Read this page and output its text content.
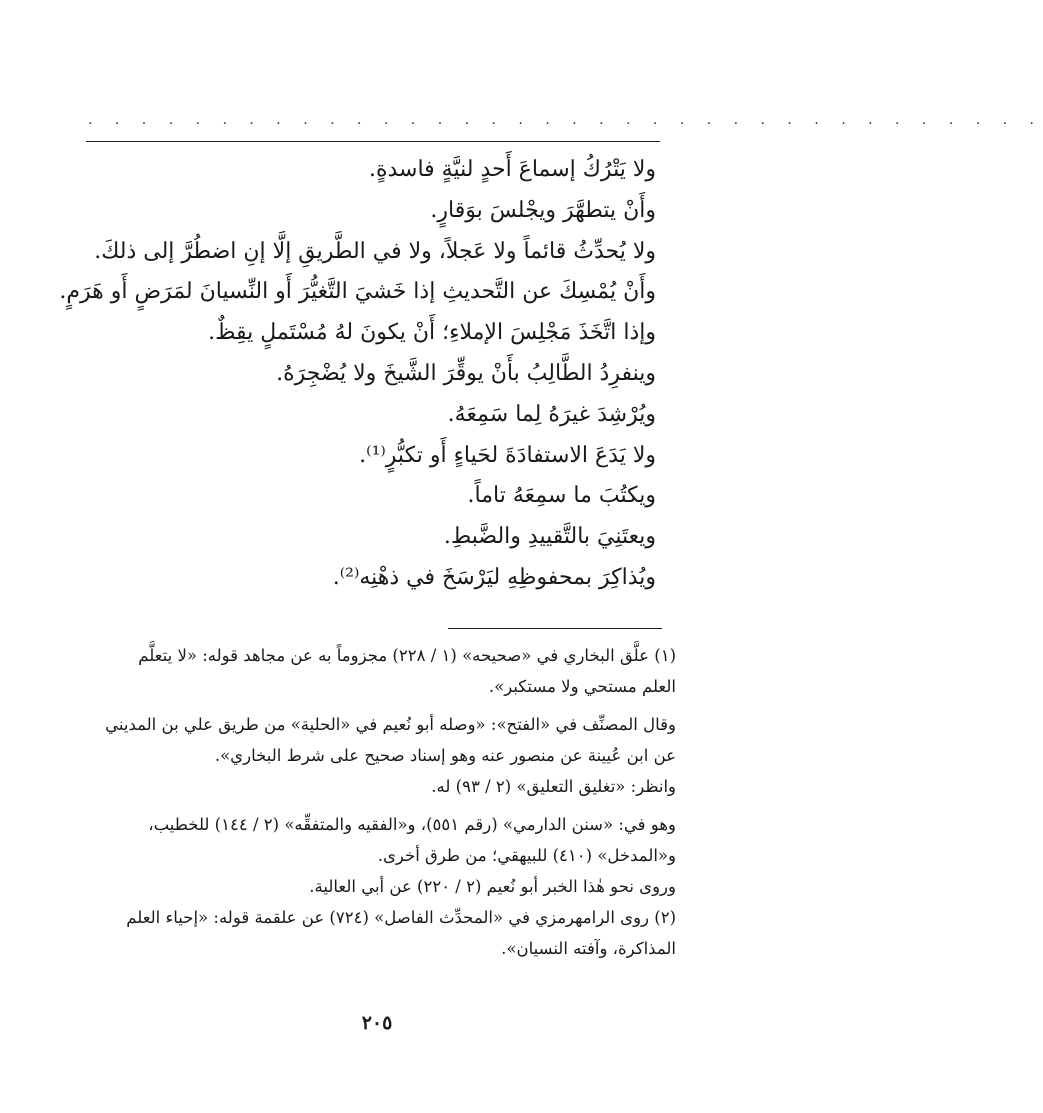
. . . . . . . . . . . . . . . . . . . . . . . . . . . . . . . . . . . .
ولا يَتْرُكُ إسماعَ أَحدٍ لنيَّةٍ فاسدةٍ.
وأَنْ يتطهَّرَ ويجْلسَ بوَقارٍ.
ولا يُحدِّثُ قائماً ولا عَجلاً، ولا في الطَّريقِ إلَّا إنِ اضطُرَّ إلى ذلكَ.
وأَنْ يُمْسِكَ عن التَّحديثِ إذا خَشيَ التَّغيُّرَ أَو النِّسيانَ لمَرَضٍ أَو هَرَمٍ.
وإذا اتَّخَذَ مَجْلِسَ الإملاءِ؛ أَنْ يكونَ لهُ مُسْتَملٍ يقِظٌ.
وينفرِدُ الطَّالِبُ بأَنْ يوقِّرَ الشَّيخَ ولا يُضْجِرَهُ.
ويُرْشِدَ غيرَهُ لِما سَمِعَهُ.
ولا يَدَعَ الاستفادَةَ لحَياءٍ أَو تكبُّرٍ⁽¹⁾.
ويكتُبَ ما سمِعَهُ تاماً.
ويعتَنِيَ بالتَّقييدِ والضَّبطِ.
ويُذاكِرَ بمحفوظِهِ ليَرْسَخَ في ذهْنِه⁽²⁾.
(١) علَّق البخاري في «صحيحه» (١ / ٢٢٨) مجزوماً به عن مجاهد قوله: «لا يتعلَّم
العلم مستحي ولا مستكبر».
وقال المصنِّف في «الفتح»: «وصله أبو نُعيم في «الحلية» من طريق علي بن المديني
عن ابن عُيينة عن منصور عنه وهو إسناد صحيح على شرط البخاري».
وانظر: «تغليق التعليق» (٢ / ٩٣) له.
وهو في: «سنن الدارمي» (رقم ٥٥١)، و«الفقيه والمتفقِّه» (٢ / ١٤٤) للخطيب،
و«المدخل» (٤١٠) للبيهقي؛ من طرق أخرى.
وروى نحو هٰذا الخبر أبو نُعيم (٢ / ٢٢٠) عن أبي العالية.
(٢) روى الرامهرمزي في «المحدِّث الفاصل» (٧٢٤) عن علقمة قوله: «إحياء العلم
المذاكرة، وآفته النسيان».
٢٠٥
